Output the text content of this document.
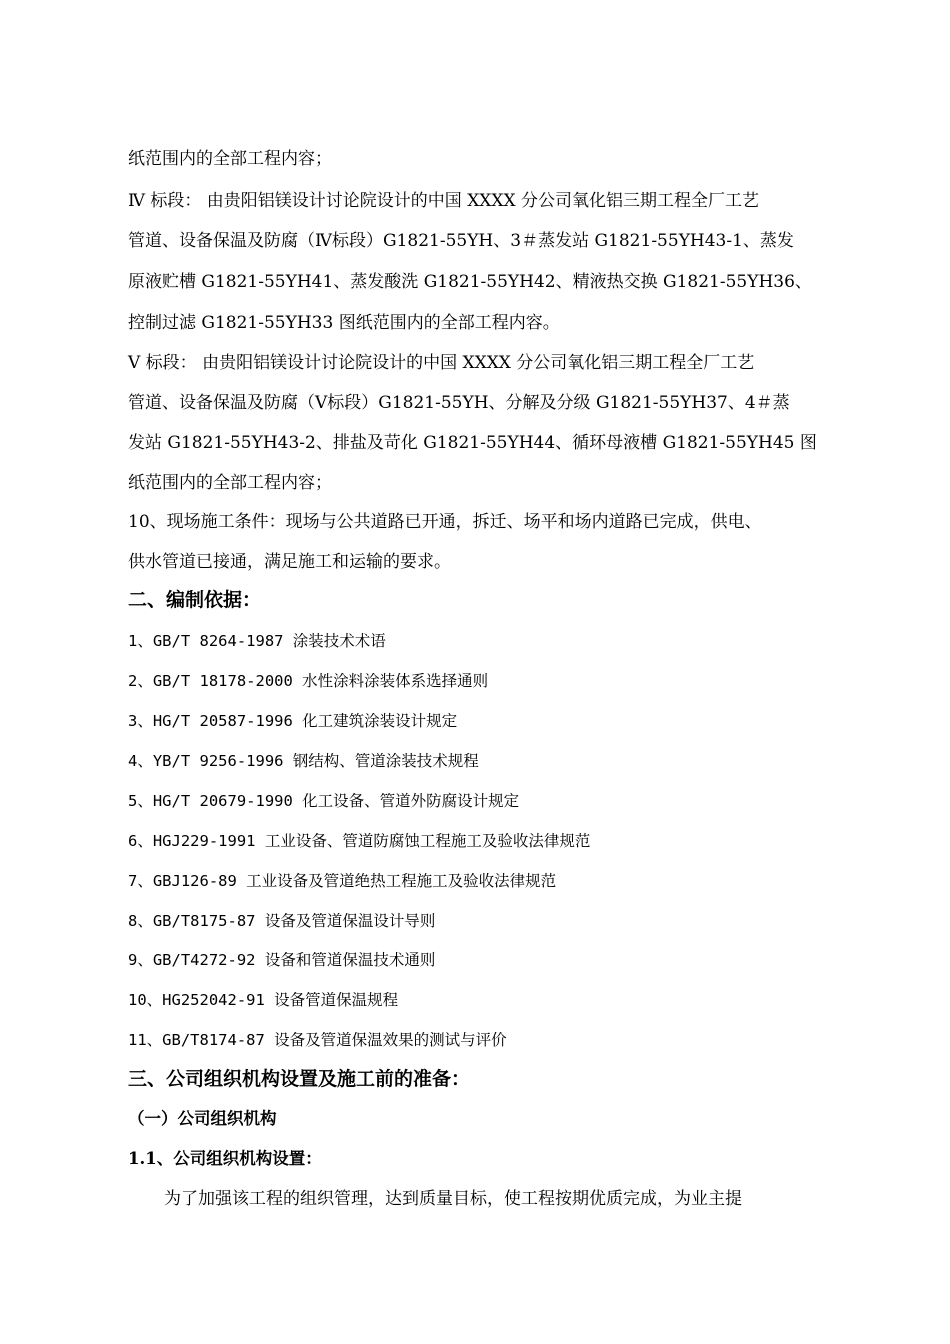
纸范围内的全部工程内容；
Ⅳ 标段： 由贵阳铝镁设计讨论院设计的中国 XXXX 分公司氧化铝三期工程全厂工艺
管道、设备保温及防腐（Ⅳ标段）G1821-55YH、3＃蒸发站 G1821-55YH43-1、蒸发
原液贮槽 G1821-55YH41、蒸发酸洗 G1821-55YH42、精液热交换 G1821-55YH36、
控制过滤 G1821-55YH33 图纸范围内的全部工程内容。
Ⅴ 标段： 由贵阳铝镁设计讨论院设计的中国 XXXX 分公司氧化铝三期工程全厂工艺
管道、设备保温及防腐（Ⅴ标段）G1821-55YH、分解及分级 G1821-55YH37、4＃蒸
发站 G1821-55YH43-2、排盐及苛化 G1821-55YH44、循环母液槽 G1821-55YH45 图
纸范围内的全部工程内容；
10、现场施工条件：现场与公共道路已开通，拆迁、场平和场内道路已完成，供电、
供水管道已接通，满足施工和运输的要求。
二、编制依据：
1、GB/T 8264-1987 涂装技术术语
2、GB/T 18178-2000 水性涂料涂装体系选择通则
3、HG/T 20587-1996 化工建筑涂装设计规定
4、YB/T 9256-1996 钢结构、管道涂装技术规程
5、HG/T 20679-1990 化工设备、管道外防腐设计规定
6、HGJ229-1991 工业设备、管道防腐蚀工程施工及验收法律规范
7、GBJ126-89 工业设备及管道绝热工程施工及验收法律规范
8、GB/T8175-87 设备及管道保温设计导则
9、GB/T4272-92 设备和管道保温技术通则
10、HG252042-91 设备管道保温规程
11、GB/T8174-87 设备及管道保温效果的测试与评价
三、公司组织机构设置及施工前的准备：
（一）公司组织机构
1.1、公司组织机构设置：
为了加强该工程的组织管理，达到质量目标，使工程按期优质完成，为业主提
